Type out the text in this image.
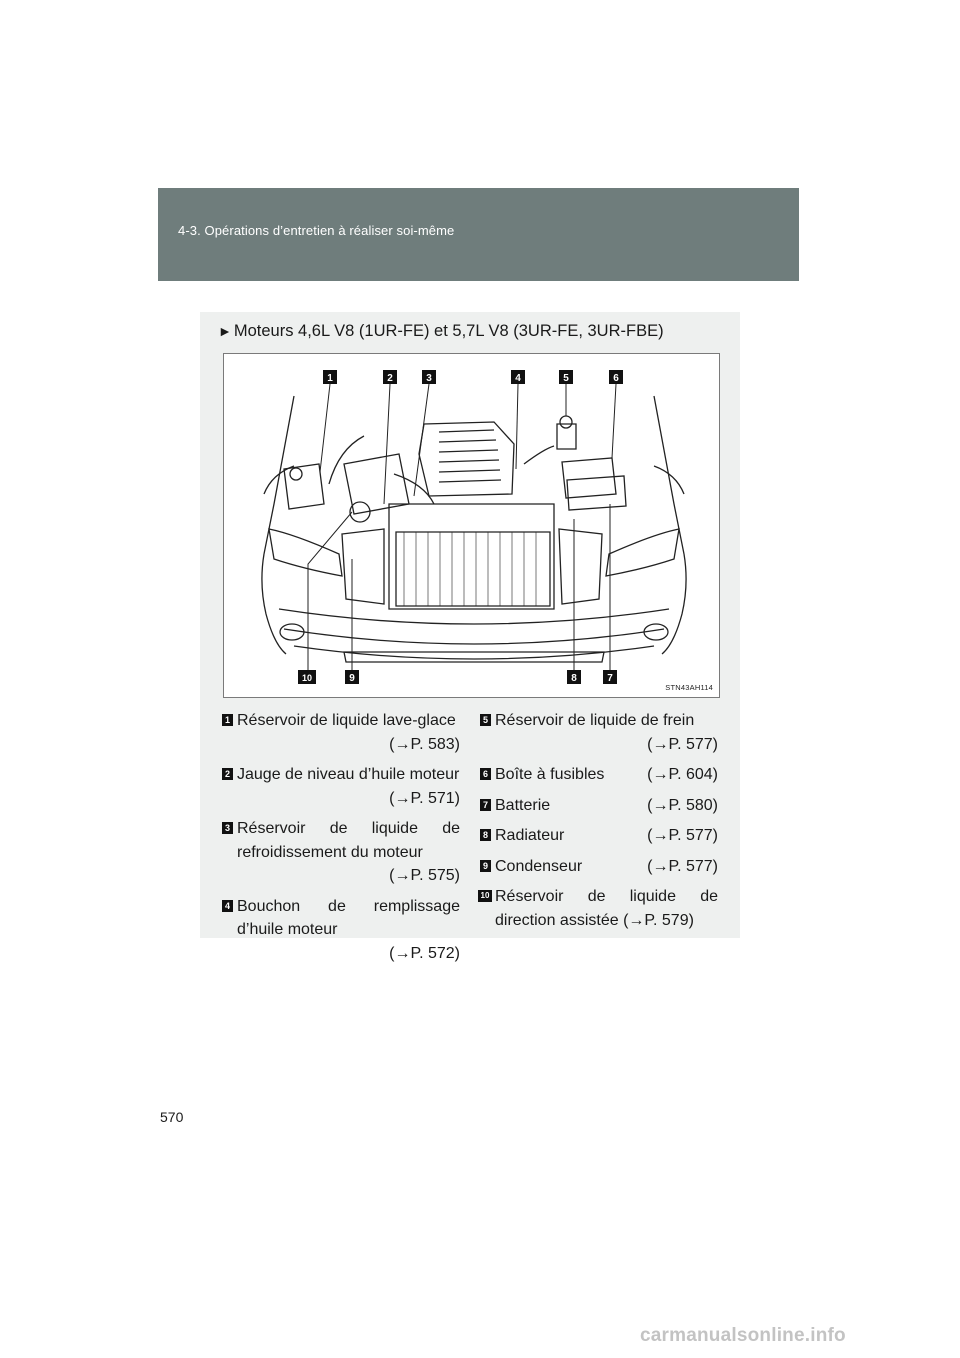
4-3. Opérations d’entretien à réaliser soi-même
► Moteurs 4,6L V8 (1UR-FE) et 5,7L V8 (3UR-FE, 3UR-FBE)
1	2	3	4	5	6
10	9	8	7
STN43AH114
1 Réservoir de liquide lave-glace
(→P. 583)
2 Jauge de niveau d’huile moteur
(→P. 571)
3 Réservoir de liquide de refroidissement du moteur
(→P. 575)
4 Bouchon de remplissage d’huile moteur
(→P. 572)
5 Réservoir de liquide de frein
(→P. 577)
6 Boîte à fusibles	(→P. 604)
7 Batterie	(→P. 580)
8 Radiateur	(→P. 577)
9 Condenseur	(→P. 577)
10 Réservoir de liquide de direction assistée (→P. 579)
570
carmanualsonline.info
